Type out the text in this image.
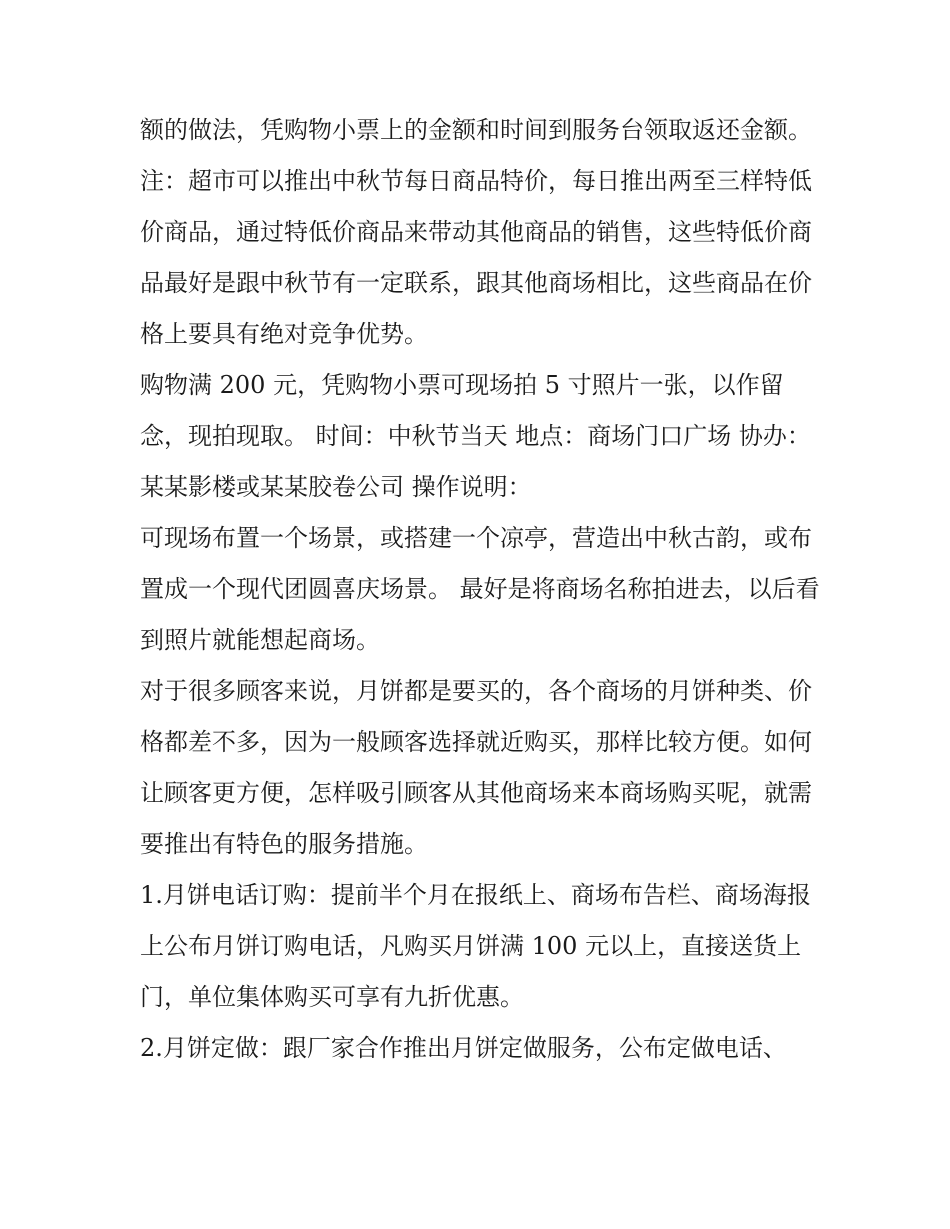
额的做法，凭购物小票上的金额和时间到服务台领取返还金额。

注：超市可以推出中秋节每日商品特价，每日推出两至三样特低价商品，通过特低价商品来带动其他商品的销售，这些特低价商品最好是跟中秋节有一定联系，跟其他商场相比，这些商品在价格上要具有绝对竞争优势。

购物满 200 元，凭购物小票可现场拍 5 寸照片一张，以作留念，现拍现取。 时间：中秋节当天 地点：商场门口广场 协办：某某影楼或某某胶卷公司 操作说明：

可现场布置一个场景，或搭建一个凉亭，营造出中秋古韵，或布置成一个现代团圆喜庆场景。 最好是将商场名称拍进去，以后看到照片就能想起商场。

对于很多顾客来说，月饼都是要买的，各个商场的月饼种类、价格都差不多，因为一般顾客选择就近购买，那样比较方便。如何让顾客更方便，怎样吸引顾客从其他商场来本商场购买呢，就需要推出有特色的服务措施。

1.月饼电话订购：提前半个月在报纸上、商场布告栏、商场海报上公布月饼订购电话，凡购买月饼满 100 元以上，直接送货上门，单位集体购买可享有九折优惠。

2.月饼定做：跟厂家合作推出月饼定做服务，公布定做电话、
